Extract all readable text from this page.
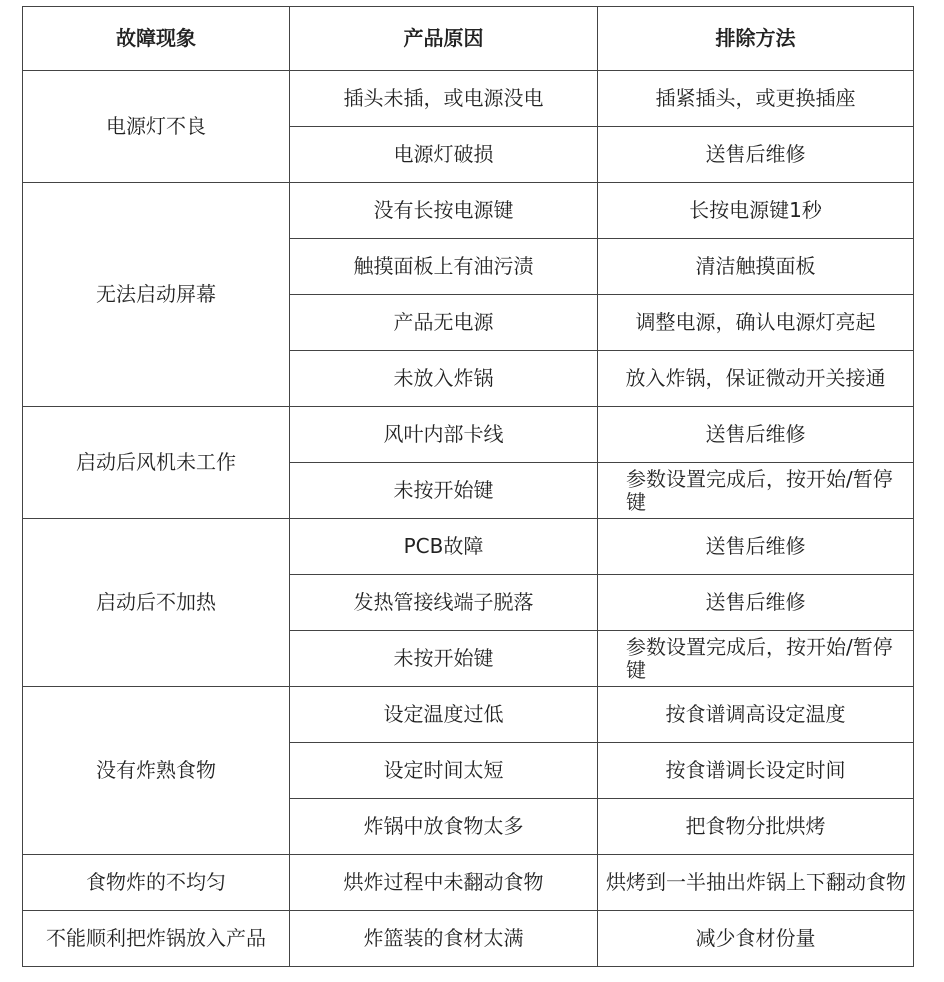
故障现象	产品原因	排除方法
电源灯不良	插头未插，或电源没电	插紧插头，或更换插座
	电源灯破损	送售后维修
无法启动屏幕	没有长按电源键	长按电源键1秒
	触摸面板上有油污渍	清洁触摸面板
	产品无电源	调整电源，确认电源灯亮起
	未放入炸锅	放入炸锅，保证微动开关接通
启动后风机未工作	风叶内部卡线	送售后维修
	未按开始键	参数设置完成后，按开始/暂停键
启动后不加热	PCB故障	送售后维修
	发热管接线端子脱落	送售后维修
	未按开始键	参数设置完成后，按开始/暂停键
没有炸熟食物	设定温度过低	按食谱调高设定温度
	设定时间太短	按食谱调长设定时间
	炸锅中放食物太多	把食物分批烘烤
食物炸的不均匀	烘炸过程中未翻动食物	烘烤到一半抽出炸锅上下翻动食物
不能顺利把炸锅放入产品	炸篮装的食材太满	减少食材份量
